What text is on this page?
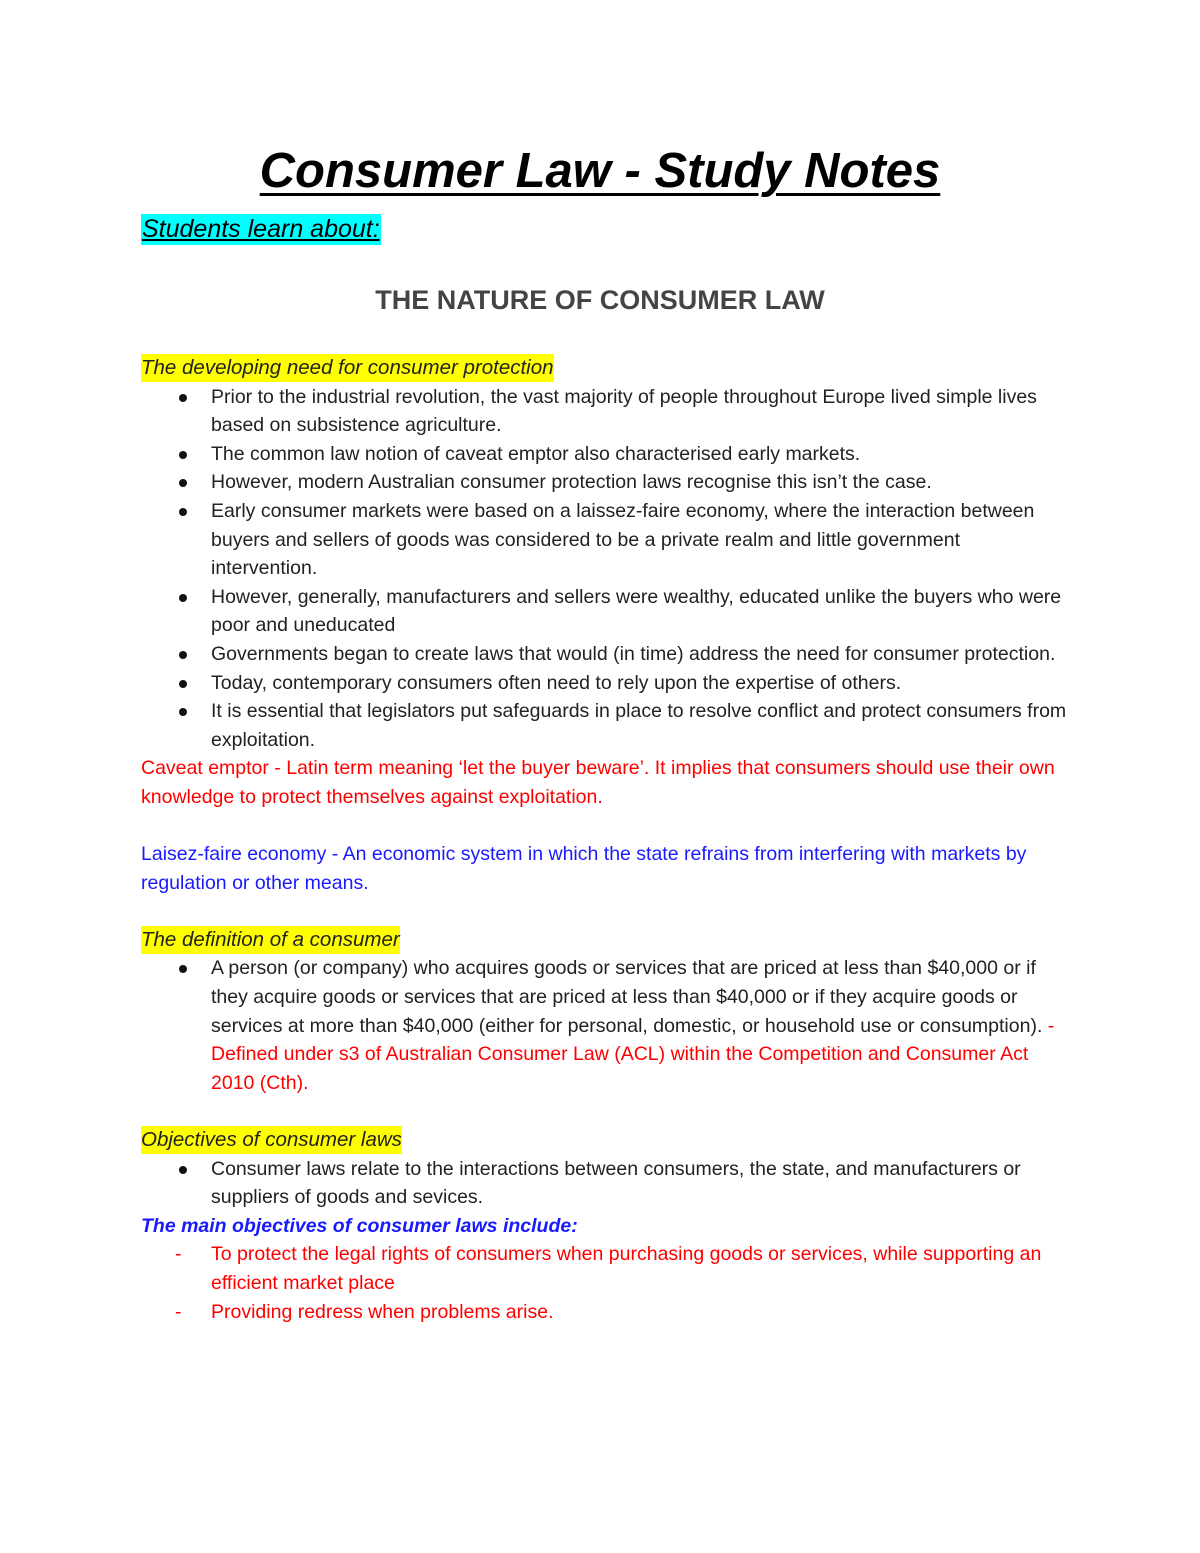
Consumer Law - Study Notes
Students learn about:
THE NATURE OF CONSUMER LAW
The developing need for consumer protection
Prior to the industrial revolution, the vast majority of people throughout Europe lived simple lives based on subsistence agriculture.
The common law notion of caveat emptor also characterised early markets.
However, modern Australian consumer protection laws recognise this isn’t the case.
Early consumer markets were based on a laissez-faire economy, where the interaction between buyers and sellers of goods was considered to be a private realm and little government intervention.
However, generally, manufacturers and sellers were wealthy, educated unlike the buyers who were poor and uneducated
Governments began to create laws that would (in time) address the need for consumer protection.
Today, contemporary consumers often need to rely upon the expertise of others.
It is essential that legislators put safeguards in place to resolve conflict and protect consumers from exploitation.
Caveat emptor - Latin term meaning ‘let the buyer beware’. It implies that consumers should use their own knowledge to protect themselves against exploitation.
Laisez-faire economy - An economic system in which the state refrains from interfering with markets by regulation or other means.
The definition of a consumer
A person (or company) who acquires goods or services that are priced at less than $40,000 or if they acquire goods or services that are priced at less than $40,000 or if they acquire goods or services at more than $40,000 (either for personal, domestic, or household use or consumption). - Defined under s3 of Australian Consumer Law (ACL) within the Competition and Consumer Act 2010 (Cth).
Objectives of consumer laws
Consumer laws relate to the interactions between consumers, the state, and manufacturers or suppliers of goods and sevices.
The main objectives of consumer laws include:
- To protect the legal rights of consumers when purchasing goods or services, while supporting an efficient market place
- Providing redress when problems arise.
